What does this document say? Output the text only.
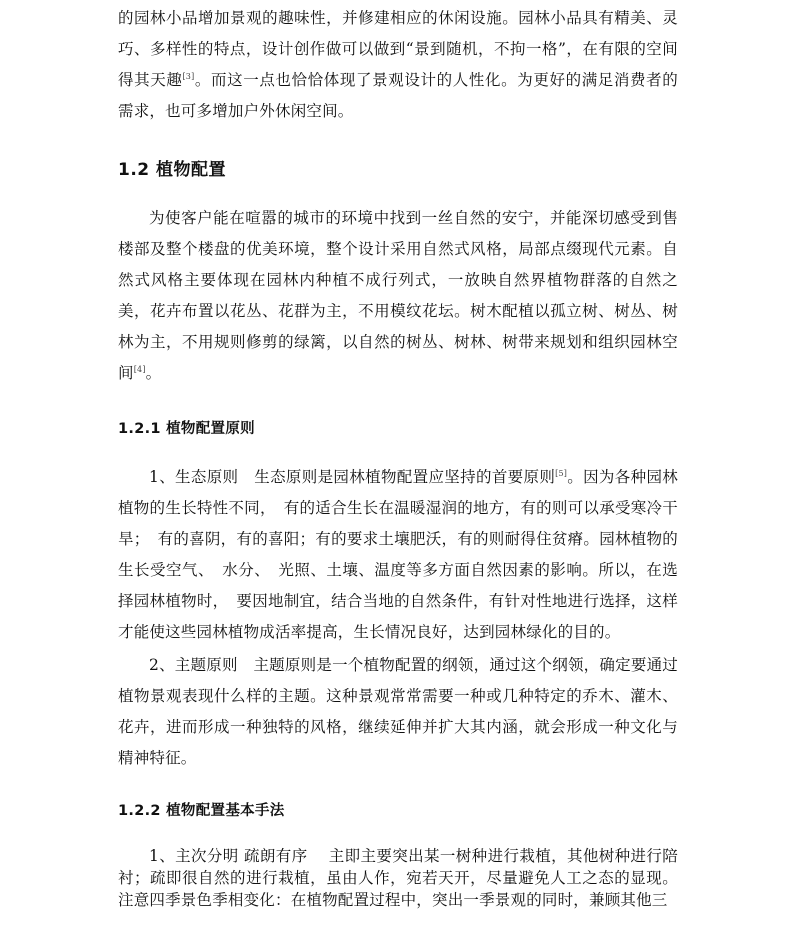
的园林小品增加景观的趣味性，并修建相应的休闲设施。园林小品具有精美、灵巧、多样性的特点，设计创作做可以做到“景到随机，不拘一格”，在有限的空间得其天趣[3]。而这一点也恰恰体现了景观设计的人性化。为更好的满足消费者的需求，也可多增加户外休闲空间。

1.2 植物配置

为使客户能在喧嚣的城市的环境中找到一丝自然的安宁，并能深切感受到售楼部及整个楼盘的优美环境，整个设计采用自然式风格，局部点缀现代元素。自然式风格主要体现在园林内种植不成行列式，一放映自然界植物群落的自然之美，花卉布置以花丛、花群为主，不用模纹花坛。树木配植以孤立树、树丛、树林为主，不用规则修剪的绿篱，以自然的树丛、树林、树带来规划和组织园林空间[4]。

1.2.1 植物配置原则

1、生态原则　生态原则是园林植物配置应坚持的首要原则[5]。因为各种园林植物的生长特性不同，　有的适合生长在温暖湿润的地方，有的则可以承受寒冷干旱；　有的喜阴，有的喜阳；有的要求土壤肥沃，有的则耐得住贫瘠。园林植物的生长受空气、　水分、　光照、土壤、温度等多方面自然因素的影响。所以，在选择园林植物时，　要因地制宜，结合当地的自然条件，有针对性地进行选择，这样才能使这些园林植物成活率提高，生长情况良好，达到园林绿化的目的。

2、主题原则　主题原则是一个植物配置的纲领，通过这个纲领，确定要通过植物景观表现什么样的主题。这种景观常常需要一种或几种特定的乔木、灌木、花卉，进而形成一种独特的风格，继续延伸并扩大其内涵，就会形成一种文化与精神特征。

1.2.2 植物配置基本手法

1、主次分明 疏朗有序　 主即主要突出某一树种进行栽植，其他树种进行陪衬；疏即很自然的进行栽植，虽由人作，宛若天开，尽量避免人工之态的显现。注意四季景色季相变化：在植物配置过程中，突出一季景观的同时，兼顾其他三
